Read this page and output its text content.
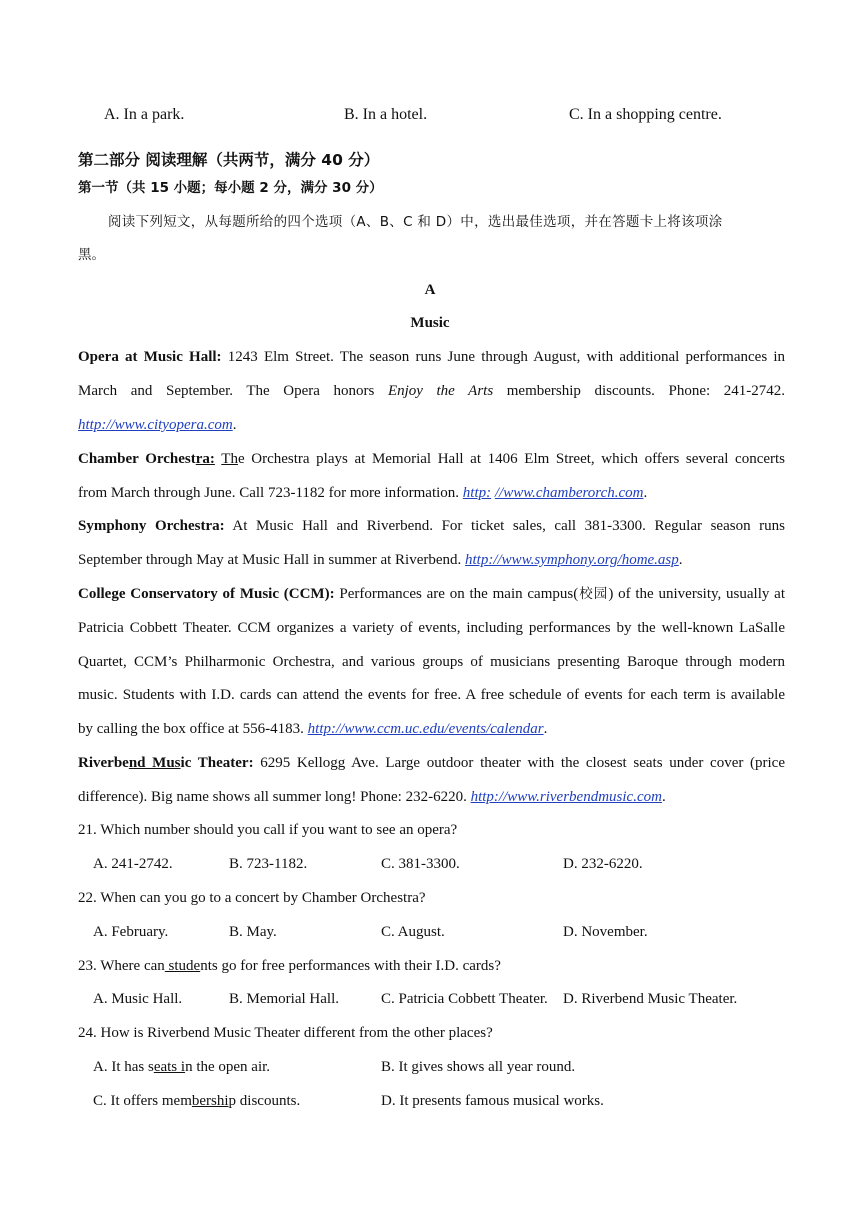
A. In a park.	B. In a hotel.	C. In a shopping centre.
第二部分 阅读理解（共两节，满分 40 分）
第一节（共 15 小题；每小题 2 分，满分 30 分）
阅读下列短文，从每题所给的四个选项（A、B、C 和 D）中，选出最佳选项，并在答题卡上将该项涂
黑。
A
Music
Opera at Music Hall: 1243 Elm Street. The season runs June through August, with additional performances in
March and September. The Opera honors Enjoy the Arts membership discounts. Phone: 241-2742.
http://www.cityopera.com.
Chamber Orchestra: The Orchestra plays at Memorial Hall at 1406 Elm Street, which offers several concerts
from March through June. Call 723-1182 for more information. http: //www.chamberorch.com.
Symphony Orchestra: At Music Hall and Riverbend. For ticket sales, call 381-3300. Regular season runs
September through May at Music Hall in summer at Riverbend. http://www.symphony.org/home.asp.
College Conservatory of Music (CCM): Performances are on the main campus(校园) of the university, usually at
Patricia Cobbett Theater. CCM organizes a variety of events, including performances by the well-known LaSalle
Quartet, CCM’s Philharmonic Orchestra, and various groups of musicians presenting Baroque through modern
music. Students with I.D. cards can attend the events for free. A free schedule of events for each term is available
by calling the box office at 556-4183. http://www.ccm.uc.edu/events/calendar.
Riverbend Music Theater: 6295 Kellogg Ave. Large outdoor theater with the closest seats under cover (price
difference). Big name shows all summer long! Phone: 232-6220. http://www.riverbendmusic.com.
21. Which number should you call if you want to see an opera?
A. 241-2742.	B. 723-1182.	C. 381-3300.	D. 232-6220.
22. When can you go to a concert by Chamber Orchestra?
A. February.	B. May.	C. August.	D. November.
23. Where can students go for free performances with their I.D. cards?
A. Music Hall.	B. Memorial Hall.	C. Patricia Cobbett Theater. D. Riverbend Music Theater.
24. How is Riverbend Music Theater different from the other places?
A. It has seats in the open air.	B. It gives shows all year round.
C. It offers membership discounts.	D. It presents famous musical works.
